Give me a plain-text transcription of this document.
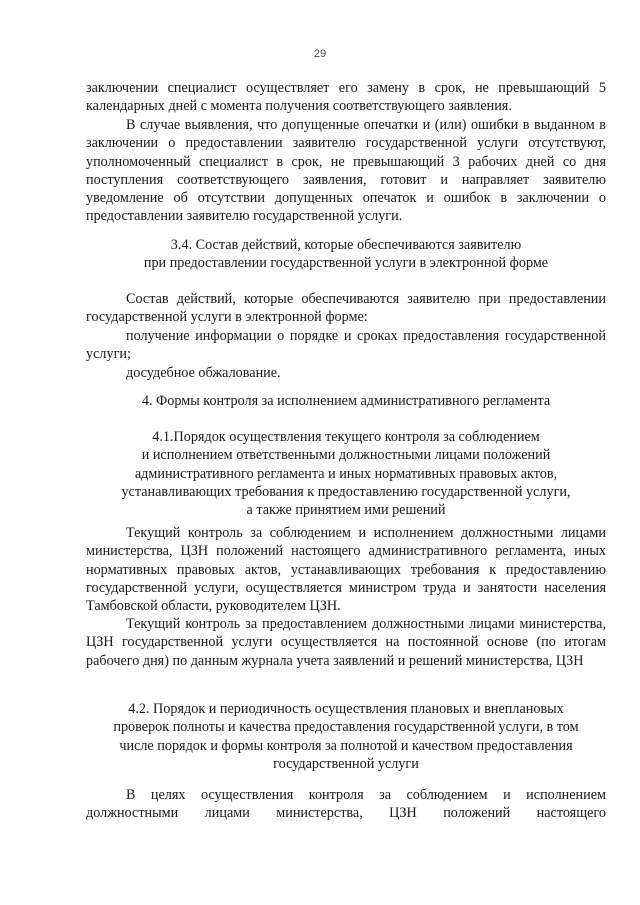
29

заключении специалист осуществляет его замену в срок, не превышающий 5 календарных дней с момента получения соответствующего заявления.

В случае выявления, что допущенные опечатки и (или) ошибки в выданном в заключении о предоставлении заявителю государственной услуги отсутствуют, уполномоченный специалист в срок, не превышающий 3 рабочих дней со дня поступления соответствующего заявления, готовит и направляет заявителю уведомление об отсутствии допущенных опечаток и ошибок в заключении о предоставлении заявителю государственной услуги.

3.4. Состав действий, которые обеспечиваются заявителю

при предоставлении государственной услуги в электронной форме

Состав действий, которые обеспечиваются заявителю при предоставлении государственной услуги в электронной форме:

получение информации о порядке и сроках предоставления государственной услуги;

досудебное обжалование.

4. Формы контроля за исполнением административного регламента

4.1.Порядок осуществления текущего контроля за соблюдением

и исполнением ответственными должностными лицами положений

административного регламента и иных нормативных правовых актов,

устанавливающих требования к предоставлению государственной услуги,

а также принятием ими решений

Текущий контроль за соблюдением и исполнением должностными лицами министерства, ЦЗН положений настоящего административного регламента, иных нормативных правовых актов, устанавливающих требования к предоставлению государственной услуги, осуществляется министром труда и занятости населения Тамбовской области, руководителем ЦЗН.

Текущий контроль за предоставлением должностными лицами министерства, ЦЗН государственной услуги осуществляется на постоянной основе (по итогам рабочего дня) по данным журнала учета заявлений и решений министерства, ЦЗН

4.2. Порядок и периодичность осуществления плановых и внеплановых

проверок полноты и качества предоставления государственной услуги, в том

числе порядок и формы контроля за полнотой и качеством предоставления

государственной услуги

В целях осуществления контроля за соблюдением и исполнением должностными лицами министерства, ЦЗН положений настоящего
